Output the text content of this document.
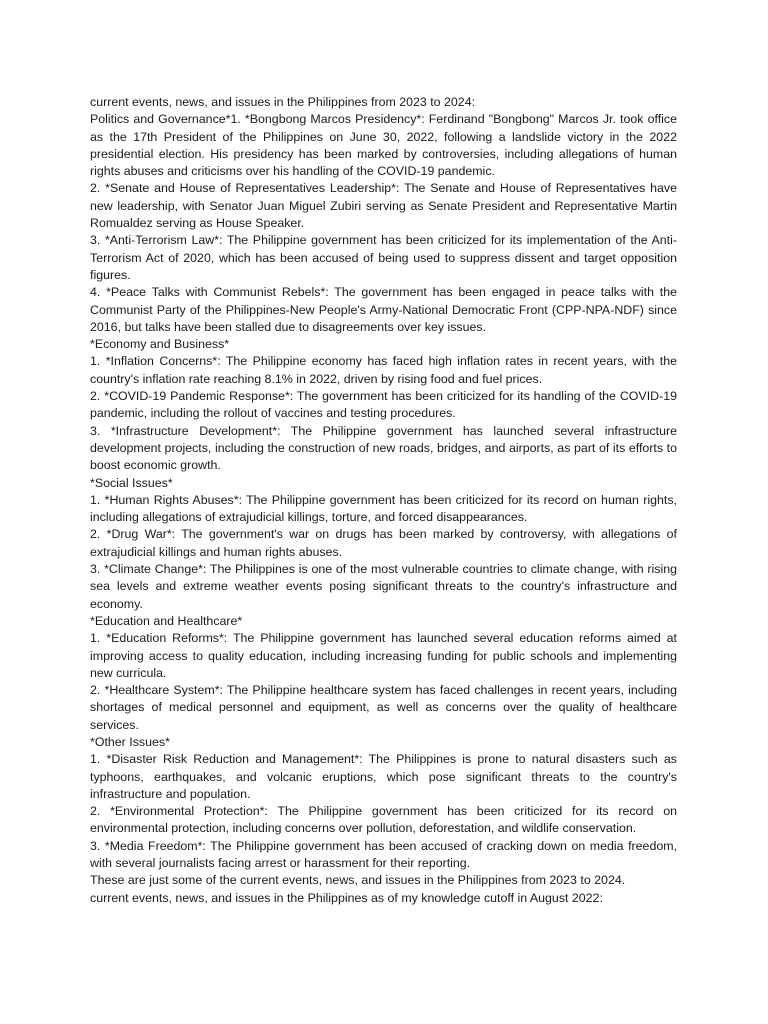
current events, news, and issues in the Philippines from 2023 to 2024:

Politics and Governance*1. *Bongbong Marcos Presidency*: Ferdinand "Bongbong" Marcos Jr. took office as the 17th President of the Philippines on June 30, 2022, following a landslide victory in the 2022 presidential election. His presidency has been marked by controversies, including allegations of human rights abuses and criticisms over his handling of the COVID-19 pandemic.

2. *Senate and House of Representatives Leadership*: The Senate and House of Representatives have new leadership, with Senator Juan Miguel Zubiri serving as Senate President and Representative Martin Romualdez serving as House Speaker.

3. *Anti-Terrorism Law*: The Philippine government has been criticized for its implementation of the Anti-Terrorism Act of 2020, which has been accused of being used to suppress dissent and target opposition figures.

4. *Peace Talks with Communist Rebels*: The government has been engaged in peace talks with the Communist Party of the Philippines-New People's Army-National Democratic Front (CPP-NPA-NDF) since 2016, but talks have been stalled due to disagreements over key issues.

*Economy and Business*

1. *Inflation Concerns*: The Philippine economy has faced high inflation rates in recent years, with the country's inflation rate reaching 8.1% in 2022, driven by rising food and fuel prices.

2. *COVID-19 Pandemic Response*: The government has been criticized for its handling of the COVID-19 pandemic, including the rollout of vaccines and testing procedures.

3. *Infrastructure Development*: The Philippine government has launched several infrastructure development projects, including the construction of new roads, bridges, and airports, as part of its efforts to boost economic growth.

*Social Issues*

1. *Human Rights Abuses*: The Philippine government has been criticized for its record on human rights, including allegations of extrajudicial killings, torture, and forced disappearances.

2. *Drug War*: The government's war on drugs has been marked by controversy, with allegations of extrajudicial killings and human rights abuses.

3. *Climate Change*: The Philippines is one of the most vulnerable countries to climate change, with rising sea levels and extreme weather events posing significant threats to the country's infrastructure and economy.

*Education and Healthcare*

1. *Education Reforms*: The Philippine government has launched several education reforms aimed at improving access to quality education, including increasing funding for public schools and implementing new curricula.

2. *Healthcare System*: The Philippine healthcare system has faced challenges in recent years, including shortages of medical personnel and equipment, as well as concerns over the quality of healthcare services.

*Other Issues*

1. *Disaster Risk Reduction and Management*: The Philippines is prone to natural disasters such as typhoons, earthquakes, and volcanic eruptions, which pose significant threats to the country's infrastructure and population.

2. *Environmental Protection*: The Philippine government has been criticized for its record on environmental protection, including concerns over pollution, deforestation, and wildlife conservation.

3. *Media Freedom*: The Philippine government has been accused of cracking down on media freedom, with several journalists facing arrest or harassment for their reporting.

These are just some of the current events, news, and issues in the Philippines from 2023 to 2024.

current events, news, and issues in the Philippines as of my knowledge cutoff in August 2022:
